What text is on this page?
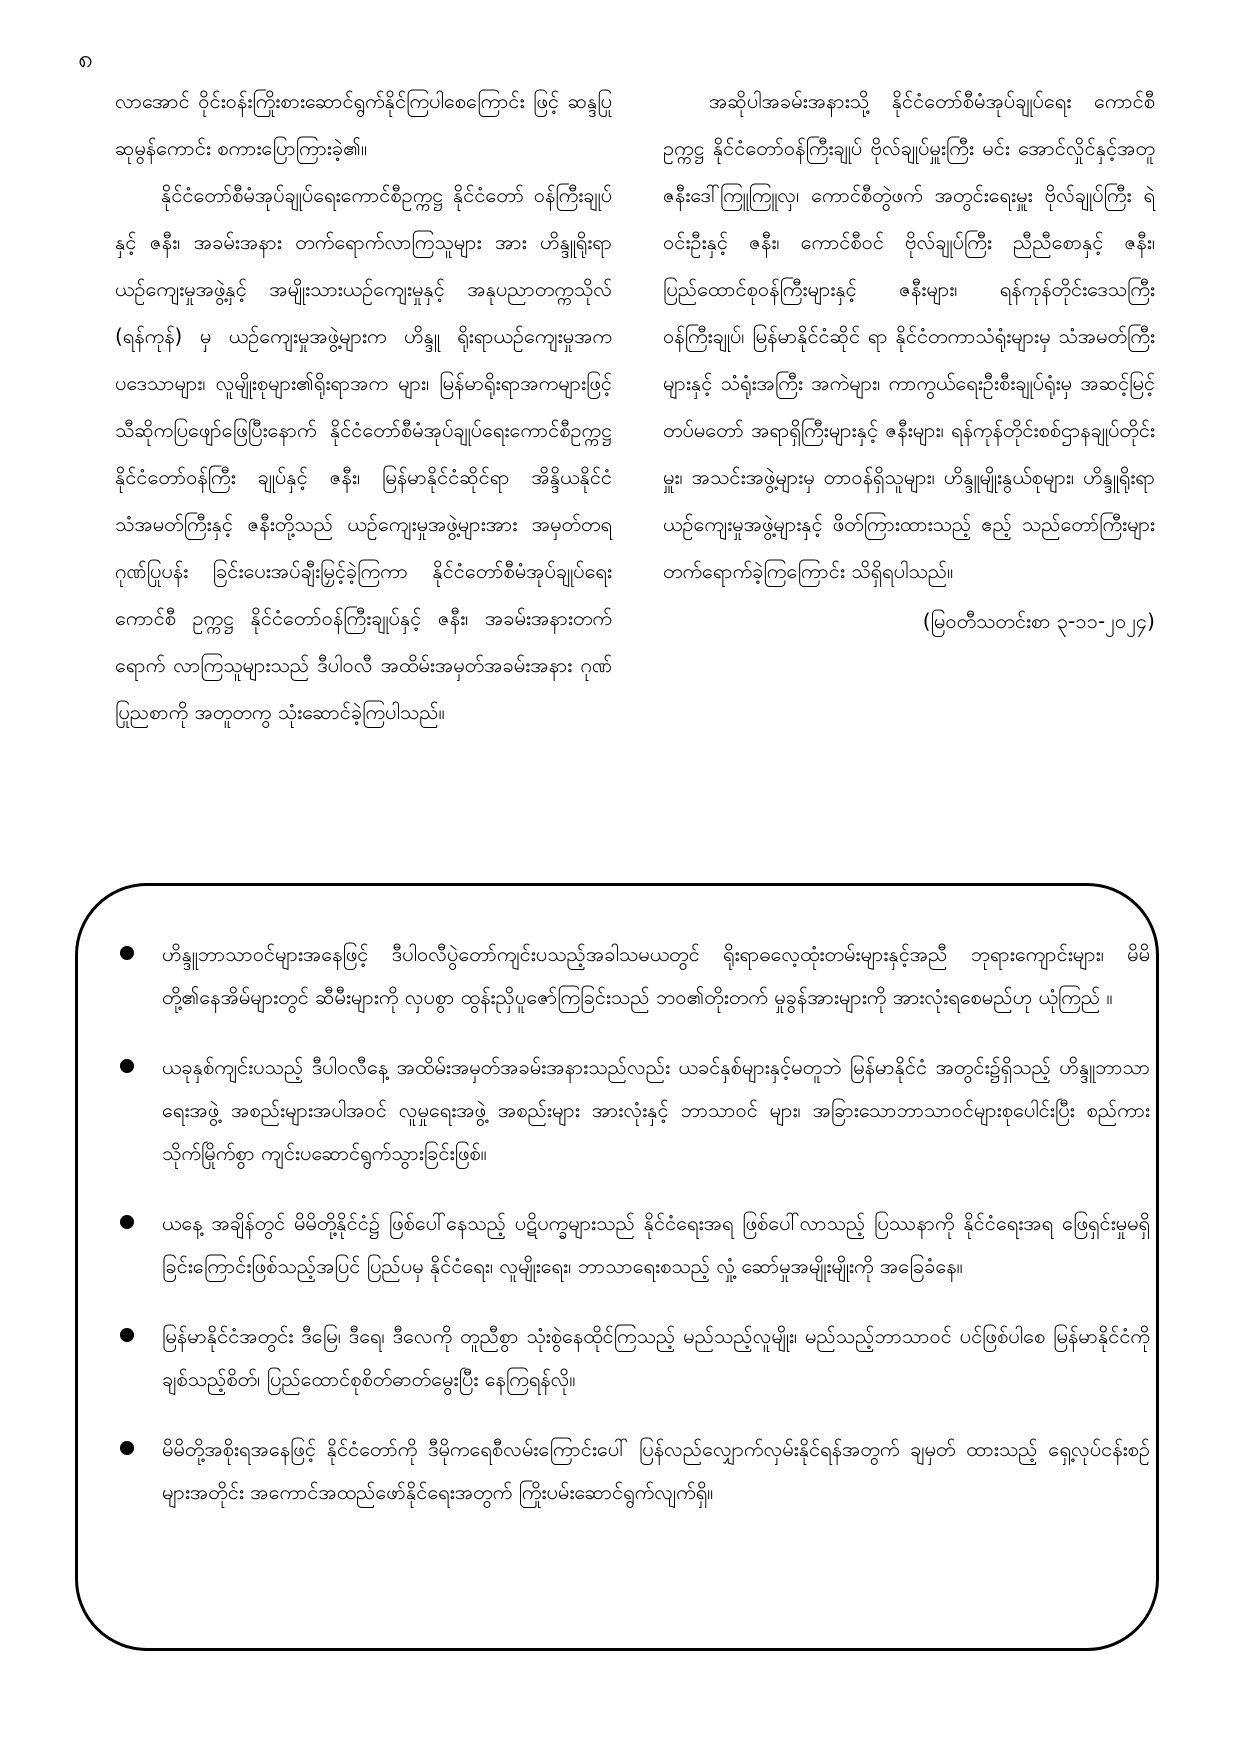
၈

လာအောင် ဝိုင်းဝန်းကြိုးစားဆောင်ရွက်နိုင်ကြပါစေကြောင်း ဖြင့် ဆန္ဒပြုဆုမွန်ကောင်း စကားပြောကြားခဲ့၏။

နိုင်ငံတော်စီမံအုပ်ချုပ်ရေးကောင်စီဥက္ကဋ္ဌ နိုင်ငံတော် ဝန်ကြီးချုပ်နှင့် ဇနီး၊ အခမ်းအနား တက်ရောက်လာကြသူများ အား ဟိန္ဒူရိုးရာယဉ်ကျေးမှုအဖွဲ့နှင့် အမျိုးသားယဉ်ကျေးမှုနှင့် အနုပညာတက္ကသိုလ် (ရန်ကုန်) မှ ယဉ်ကျေးမှုအဖွဲ့များက ဟိန္ဒူ ရိုးရာယဉ်ကျေးမှုအကပဒေသာများ၊ လူမျိုးစုများ၏ရိုးရာအက များ၊ မြန်မာရိုးရာအကများဖြင့် သီဆိုကပြဖျော်ဖြေပြီးနောက် နိုင်ငံတော်စီမံအုပ်ချုပ်ရေးကောင်စီဥက္ကဋ္ဌ နိုင်ငံတော်ဝန်ကြီး ချုပ်နှင့် ဇနီး၊ မြန်မာနိုင်ငံဆိုင်ရာ အိန္ဒိယနိုင်ငံ သံအမတ်ကြီးနှင့် ဇနီးတို့သည် ယဉ်ကျေးမှုအဖွဲ့များအား အမှတ်တရဂုဏ်ပြုပန်း ခြင်းပေးအပ်ချီးမြှင့်ခဲ့ကြကာ နိုင်ငံတော်စီမံအုပ်ချုပ်ရေးကောင်စီ ဥက္ကဋ္ဌ နိုင်ငံတော်ဝန်ကြီးချုပ်နှင့် ဇနီး၊ အခမ်းအနားတက်ရောက် လာကြသူများသည် ဒီပါဝလီ အထိမ်းအမှတ်အခမ်းအနား ဂုဏ် ပြုညစာကို အတူတကွ သုံးဆောင်ခဲ့ကြပါသည်။

အဆိုပါအခမ်းအနားသို့ နိုင်ငံတော်စီမံအုပ်ချုပ်ရေး ကောင်စီဥက္ကဋ္ဌ နိုင်ငံတော်ဝန်ကြီးချုပ် ဗိုလ်ချုပ်မှူးကြီး မင်း အောင်လှိုင်နှင့်အတူ ဇနီးဒေါ်ကြူကြူလှ၊ ကောင်စီတွဲဖက် အတွင်းရေးမှူး ဗိုလ်ချုပ်ကြီး ရဲဝင်းဦးနှင့် ဇနီး၊ ကောင်စီဝင် ဗိုလ်ချုပ်ကြီး ညီညီစောနှင့် ဇနီး၊ ပြည်ထောင်စုဝန်ကြီးများနှင့် ဇနီးများ၊ ရန်ကုန်တိုင်းဒေသကြီး ဝန်ကြီးချုပ်၊ မြန်မာနိုင်ငံဆိုင် ရာ နိုင်ငံတကာသံရုံးများမှ သံအမတ်ကြီးများနှင့် သံရုံးအကြီး အကဲများ၊ ကာကွယ်ရေးဦးစီးချုပ်ရုံးမှ အဆင့်မြင့်တပ်မတော် အရာရှိကြီးများနှင့် ဇနီးများ၊ ရန်ကုန်တိုင်းစစ်ဌာနချုပ်တိုင်း မှူး၊ အသင်းအဖွဲ့များမှ တာဝန်ရှိသူများ၊ ဟိန္ဒူမျိုးနွယ်စုများ၊ ဟိန္ဒူရိုးရာယဉ်ကျေးမှုအဖွဲ့များနှင့် ဖိတ်ကြားထားသည့် ဧည့် သည်တော်ကြီးများ တက်ရောက်ခဲ့ကြကြောင်း သိရှိရပါသည်။

(မြဝတီသတင်းစာ ၃-၁၁-၂၀၂၄)

ဟိန္ဒူဘာသာဝင်များအနေဖြင့် ဒီပါဝလီပွဲတော်ကျင်းပသည့်အခါသမယတွင် ရိုးရာဓလေ့ထုံးတမ်းများနှင့်အညီ ဘုရားကျောင်းများ၊ မိမိတို့၏နေအိမ်များတွင် ဆီမီးများကို လှပစွာ ထွန်းညှိပူဇော်ကြခြင်းသည် ဘဝ၏တိုးတက် မှုခွန်အားများကို အားလုံးရစေမည်ဟု ယုံကြည် ။
ယခုနှစ်ကျင်းပသည့် ဒီပါဝလီနေ့ အထိမ်းအမှတ်အခမ်းအနားသည်လည်း ယခင်နှစ်များနှင့်မတူဘဲ မြန်မာနိုင်ငံ အတွင်း၌ရှိသည့် ဟိန္ဒူဘာသာရေးအဖွဲ့ အစည်းများအပါအဝင် လူမှုရေးအဖွဲ့ အစည်းများ အားလုံးနှင့် ဘာသာဝင် များ၊ အခြားသောဘာသာဝင်များစုပေါင်းပြီး စည်ကားသိုက်မြိုက်စွာ ကျင်းပဆောင်ရွက်သွားခြင်းဖြစ်။
ယနေ့ အချိန်တွင် မိမိတို့နိုင်ငံ၌ ဖြစ်ပေါ်နေသည့် ပဋိပက္ခများသည် နိုင်ငံရေးအရ ဖြစ်ပေါ်လာသည့် ပြဿနာကို နိုင်ငံရေးအရ ဖြေရှင်းမှုမရှိခြင်းကြောင်းဖြစ်သည့်အပြင် ပြည်ပမှ နိုင်ငံရေး၊ လူမျိုးရေး၊ ဘာသာရေးစသည့် လှုံ့ ဆော်မှုအမျိုးမျိုးကို အခြေခံနေ။
မြန်မာနိုင်ငံအတွင်း ဒီမြေ၊ ဒီရေ၊ ဒီလေကို တူညီစွာ သုံးစွဲနေထိုင်ကြသည့် မည်သည့်လူမျိုး၊ မည်သည့်ဘာသာဝင် ပင်ဖြစ်ပါစေ မြန်မာနိုင်ငံကိုချစ်သည့်စိတ်၊ ပြည်ထောင်စုစိတ်ဓာတ်မွေးပြီး နေကြရန်လို။
မိမိတို့အစိုးရအနေဖြင့် နိုင်ငံတော်ကို ဒီမိုကရေစီလမ်းကြောင်းပေါ် ပြန်လည်လျှောက်လှမ်းနိုင်ရန်အတွက် ချမှတ် ထားသည့် ရှေ့လုပ်ငန်းစဉ်များအတိုင်း အကောင်အထည်ဖော်နိုင်ရေးအတွက် ကြိုးပမ်းဆောင်ရွက်လျက်ရှိ။
